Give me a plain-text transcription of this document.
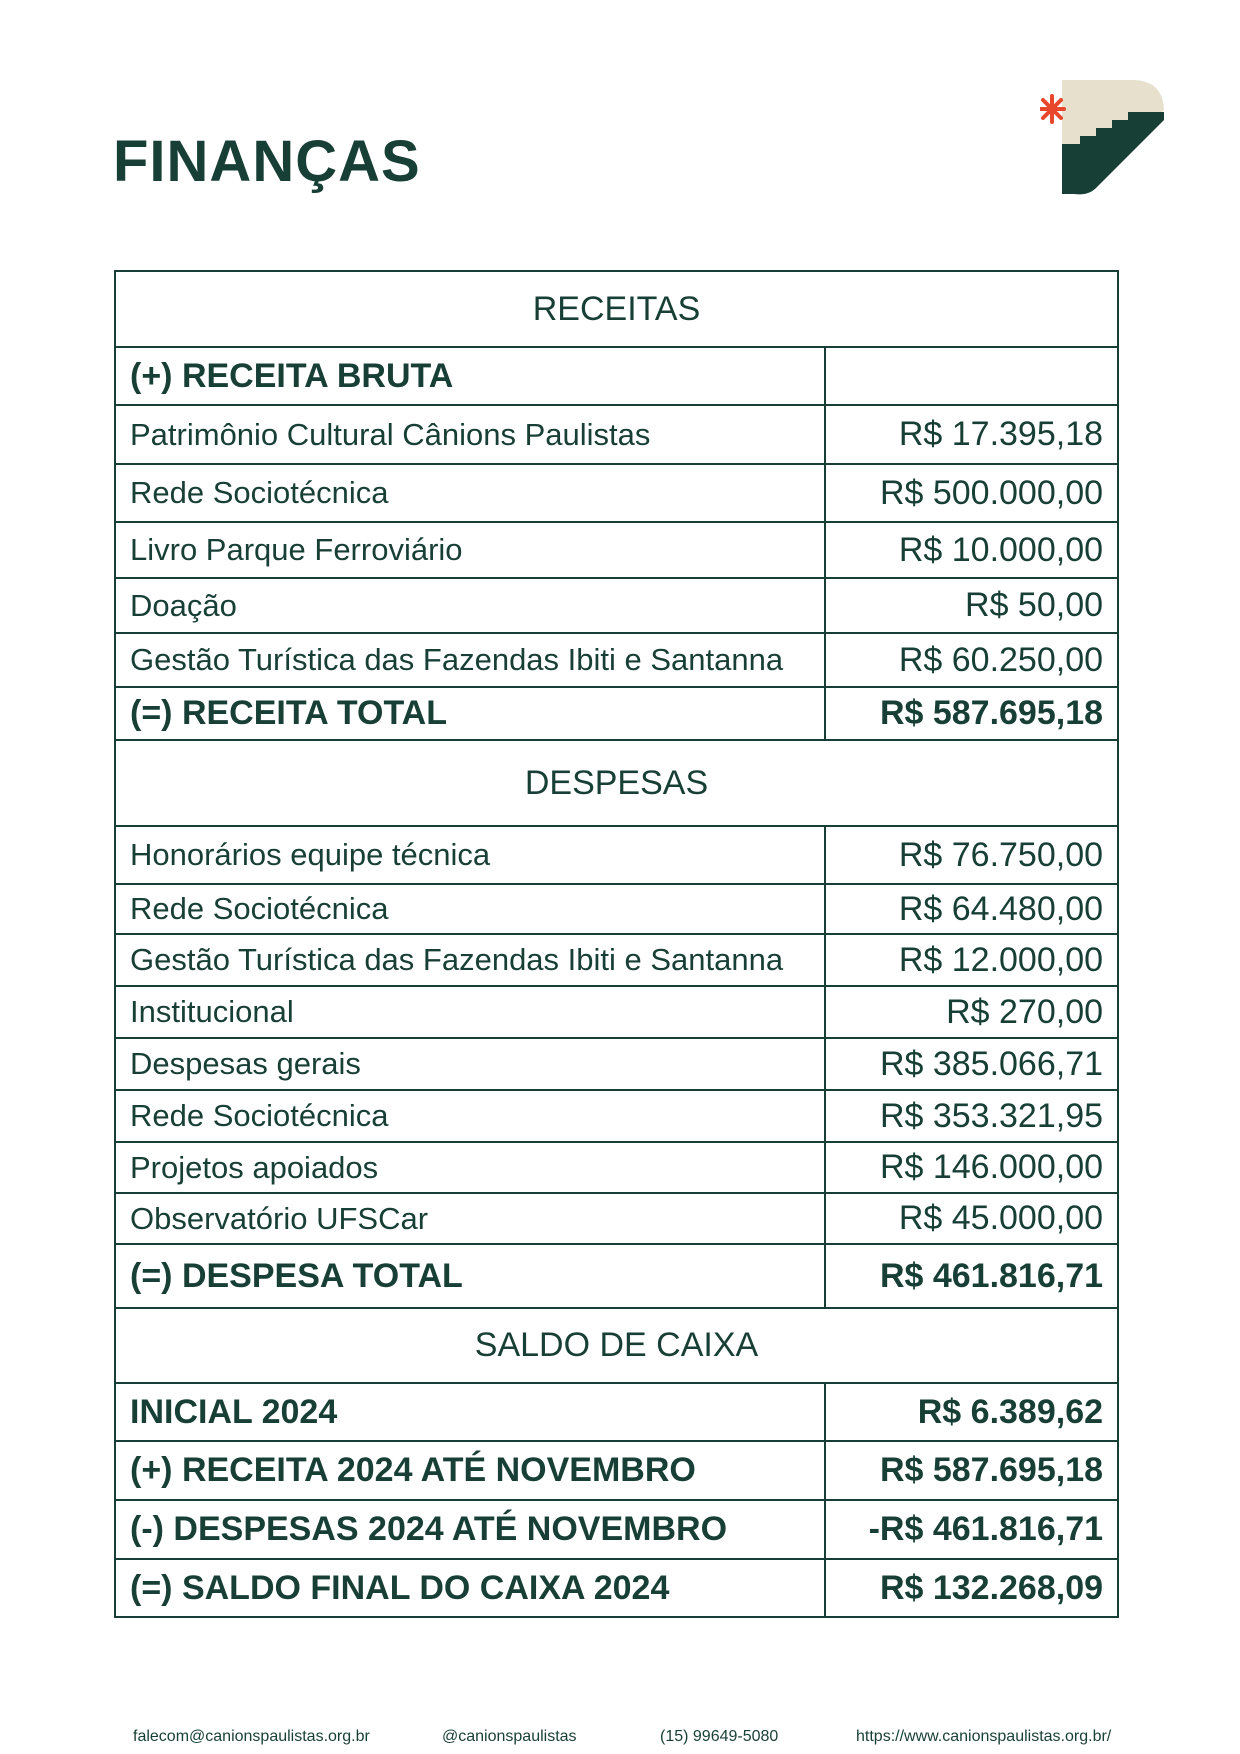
FINANÇAS
RECEITAS	
(+) RECEITA BRUTA	
Patrimônio Cultural Cânions Paulistas	R$ 17.395,18
Rede Sociotécnica	R$ 500.000,00
Livro Parque Ferroviário	R$ 10.000,00
Doação	R$ 50,00
Gestão Turística das Fazendas Ibiti e Santanna	R$ 60.250,00
(=) RECEITA TOTAL	R$ 587.695,18
DESPESAS	
Honorários equipe técnica	R$ 76.750,00
Rede Sociotécnica	R$ 64.480,00
Gestão Turística das Fazendas Ibiti e Santanna	R$ 12.000,00
Institucional	R$ 270,00
Despesas gerais	R$ 385.066,71
Rede Sociotécnica	R$ 353.321,95
Projetos apoiados	R$ 146.000,00
Observatório UFSCar	R$ 45.000,00
(=) DESPESA TOTAL	R$ 461.816,71
SALDO DE CAIXA	
INICIAL 2024	R$ 6.389,62
(+) RECEITA 2024 ATÉ NOVEMBRO	R$ 587.695,18
(-) DESPESAS 2024 ATÉ NOVEMBRO	-R$ 461.816,71
(=) SALDO FINAL DO CAIXA 2024	R$ 132.268,09
falecom@canionspaulistas.org.br	@canionspaulistas	(15) 99649-5080	https://www.canionspaulistas.org.br/
